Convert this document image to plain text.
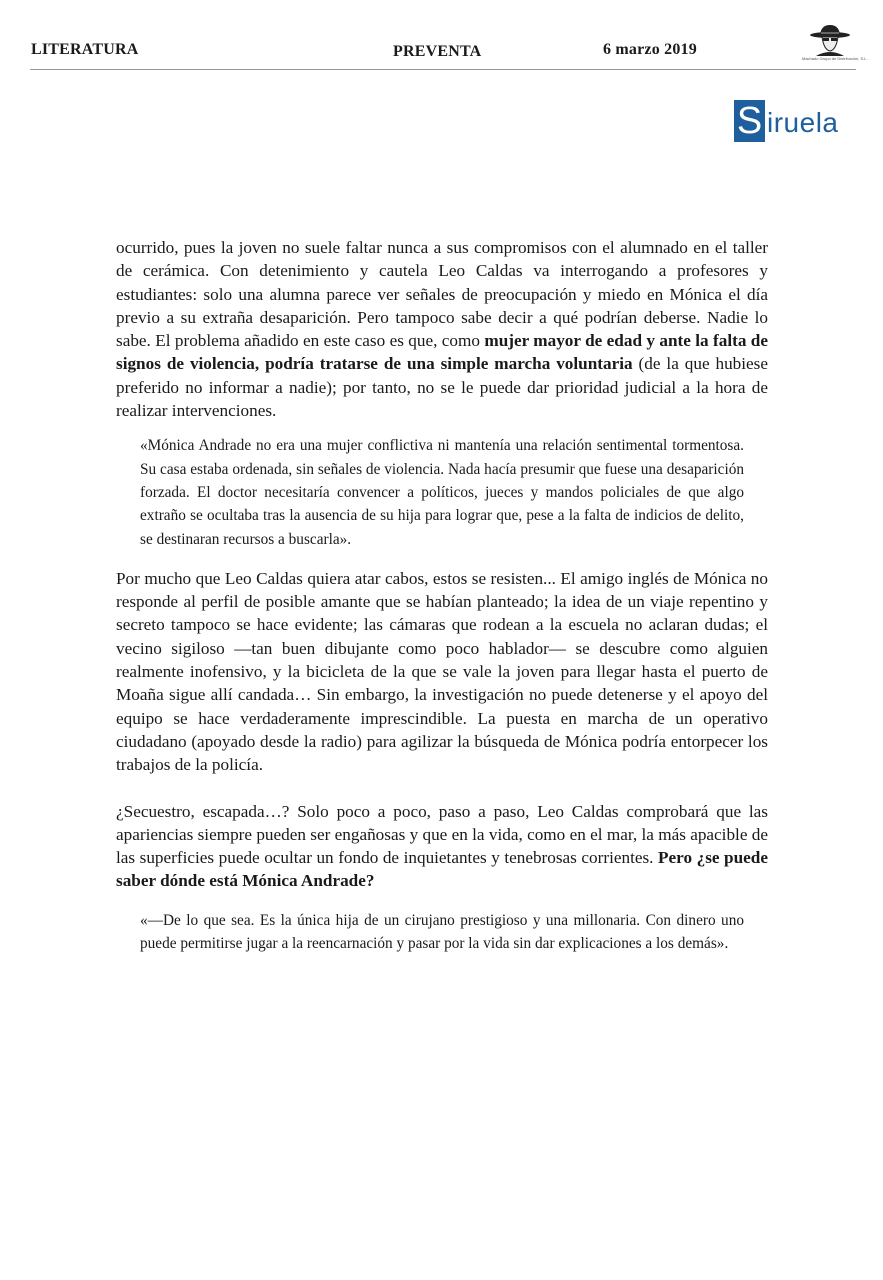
LITERATURA	PREVENTA	6 marzo 2019
Machado Grupo de Distribución, S.L.
S iruela

ocurrido, pues la joven no suele faltar nunca a sus compromisos con el alumnado en el taller de cerámica. Con detenimiento y cautela Leo Caldas va interrogando a profesores y estudiantes: solo una alumna parece ver señales de preocupación y miedo en Mónica el día previo a su extraña desaparición. Pero tampoco sabe decir a qué podrían deberse. Nadie lo sabe. El problema añadido en este caso es que, como mujer mayor de edad y ante la falta de signos de violencia, podría tratarse de una simple marcha voluntaria (de la que hubiese preferido no informar a nadie); por tanto, no se le puede dar prioridad judicial a la hora de realizar intervenciones.

«Mónica Andrade no era una mujer conflictiva ni mantenía una relación sentimental tormentosa. Su casa estaba ordenada, sin señales de violencia. Nada hacía presumir que fuese una desaparición forzada. El doctor necesitaría convencer a políticos, jueces y mandos policiales de que algo extraño se ocultaba tras la ausencia de su hija para lograr que, pese a la falta de indicios de delito, se destinaran recursos a buscarla».

Por mucho que Leo Caldas quiera atar cabos, estos se resisten... El amigo inglés de Mónica no responde al perfil de posible amante que se habían planteado; la idea de un viaje repentino y secreto tampoco se hace evidente; las cámaras que rodean a la escuela no aclaran dudas; el vecino sigiloso —tan buen dibujante como poco hablador— se descubre como alguien realmente inofensivo, y la bicicleta de la que se vale la joven para llegar hasta el puerto de Moaña sigue allí candada… Sin embargo, la investigación no puede detenerse y el apoyo del equipo se hace verdaderamente imprescindible. La puesta en marcha de un operativo ciudadano (apoyado desde la radio) para agilizar la búsqueda de Mónica podría entorpecer los trabajos de la policía.

¿Secuestro, escapada…? Solo poco a poco, paso a paso, Leo Caldas comprobará que las apariencias siempre pueden ser engañosas y que en la vida, como en el mar, la más apacible de las superficies puede ocultar un fondo de inquietantes y tenebrosas corrientes. Pero ¿se puede saber dónde está Mónica Andrade?

«—De lo que sea. Es la única hija de un cirujano prestigioso y una millonaria. Con dinero uno puede permitirse jugar a la reencarnación y pasar por la vida sin dar explicaciones a los demás».
